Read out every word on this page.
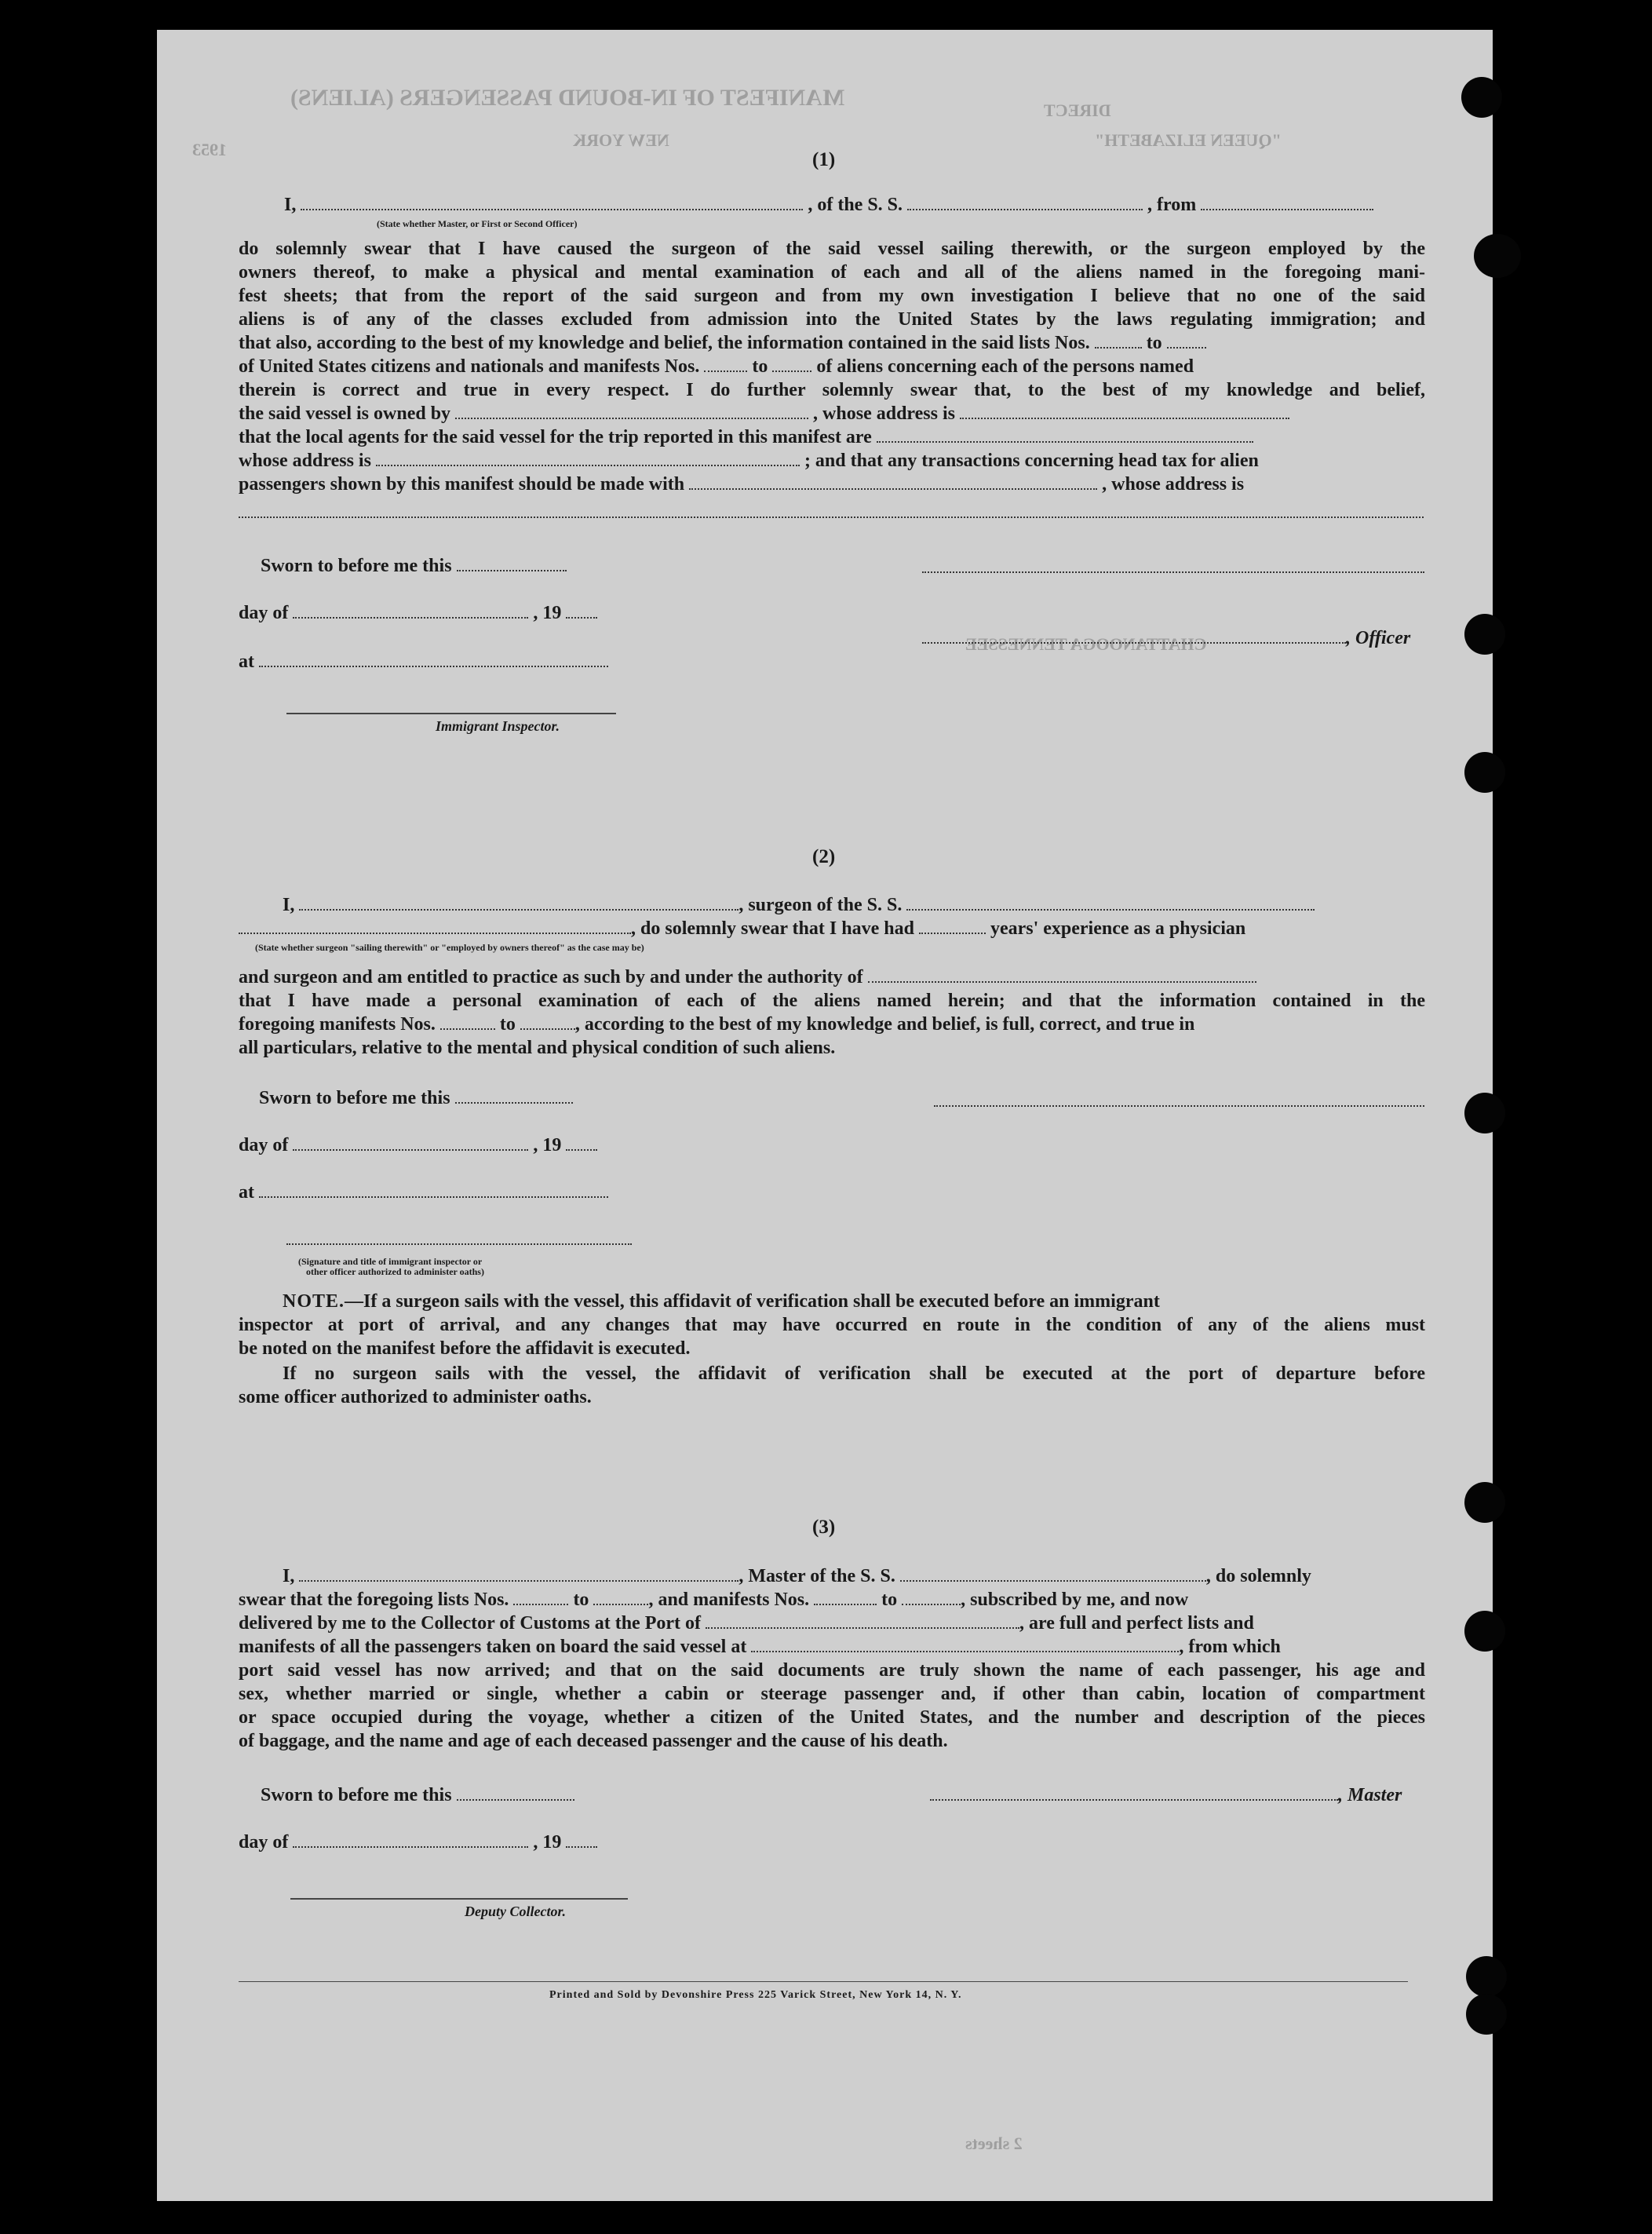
MANIFEST OF IN-BOUND PASSENGERS (ALIENS)
NEW YORK	"QUEEN ELIZABETH"
1953
DIRECT
CHATTANOOGA TENNESSEE
2 sheets
(1)
I,	, of the S. S.	, from
(State whether Master, or First or Second Officer)
do solemnly swear that I have caused the surgeon of the said vessel sailing therewith, or the surgeon employed by the
owners thereof, to make a physical and mental examination of each and all of the aliens named in the foregoing mani-
fest sheets; that from the report of the said surgeon and from my own investigation I believe that no one of the said
aliens is of any of the classes excluded from admission into the United States by the laws regulating immigration; and
that also, according to the best of my knowledge and belief, the information contained in the said lists Nos.	to
of United States citizens and nationals and manifests Nos.	to	of aliens concerning each of the persons named
therein is correct and true in every respect. I do further solemnly swear that, to the best of my knowledge and belief,
the said vessel is owned by	, whose address is
that the local agents for the said vessel for the trip reported in this manifest are
whose address is	; and that any transactions concerning head tax for alien
passengers shown by this manifest should be made with	, whose address is
Sworn to before me this
day of	, 19
, Officer
at
Immigrant Inspector.
(2)
I,	, surgeon of the S. S.
, do solemnly swear that I have had	years' experience as a physician
(State whether surgeon "sailing therewith" or "employed by owners thereof" as the case may be)
and surgeon and am entitled to practice as such by and under the authority of
that I have made a personal examination of each of the aliens named herein; and that the information contained in the
foregoing manifests Nos.	to	, according to the best of my knowledge and belief, is full, correct, and true in
all particulars, relative to the mental and physical condition of such aliens.
Sworn to before me this
day of	, 19
at
(Signature and title of immigrant inspector or
other officer authorized to administer oaths)
NOTE.—If a surgeon sails with the vessel, this affidavit of verification shall be executed before an immigrant
inspector at port of arrival, and any changes that may have occurred en route in the condition of any of the aliens must
be noted on the manifest before the affidavit is executed.
If no surgeon sails with the vessel, the affidavit of verification shall be executed at the port of departure before
some officer authorized to administer oaths.
(3)
I,	, Master of the S. S.	, do solemnly
swear that the foregoing lists Nos.	to	, and manifests Nos.	to	, subscribed by me, and now
delivered by me to the Collector of Customs at the Port of	, are full and perfect lists and
manifests of all the passengers taken on board the said vessel at	, from which
port said vessel has now arrived; and that on the said documents are truly shown the name of each passenger, his age and
sex, whether married or single, whether a cabin or steerage passenger and, if other than cabin, location of compartment
or space occupied during the voyage, whether a citizen of the United States, and the number and description of the pieces
of baggage, and the name and age of each deceased passenger and the cause of his death.
Sworn to before me this	, Master
day of	, 19
Deputy Collector.
Printed and Sold by Devonshire Press 225 Varick Street, New York 14, N. Y.
